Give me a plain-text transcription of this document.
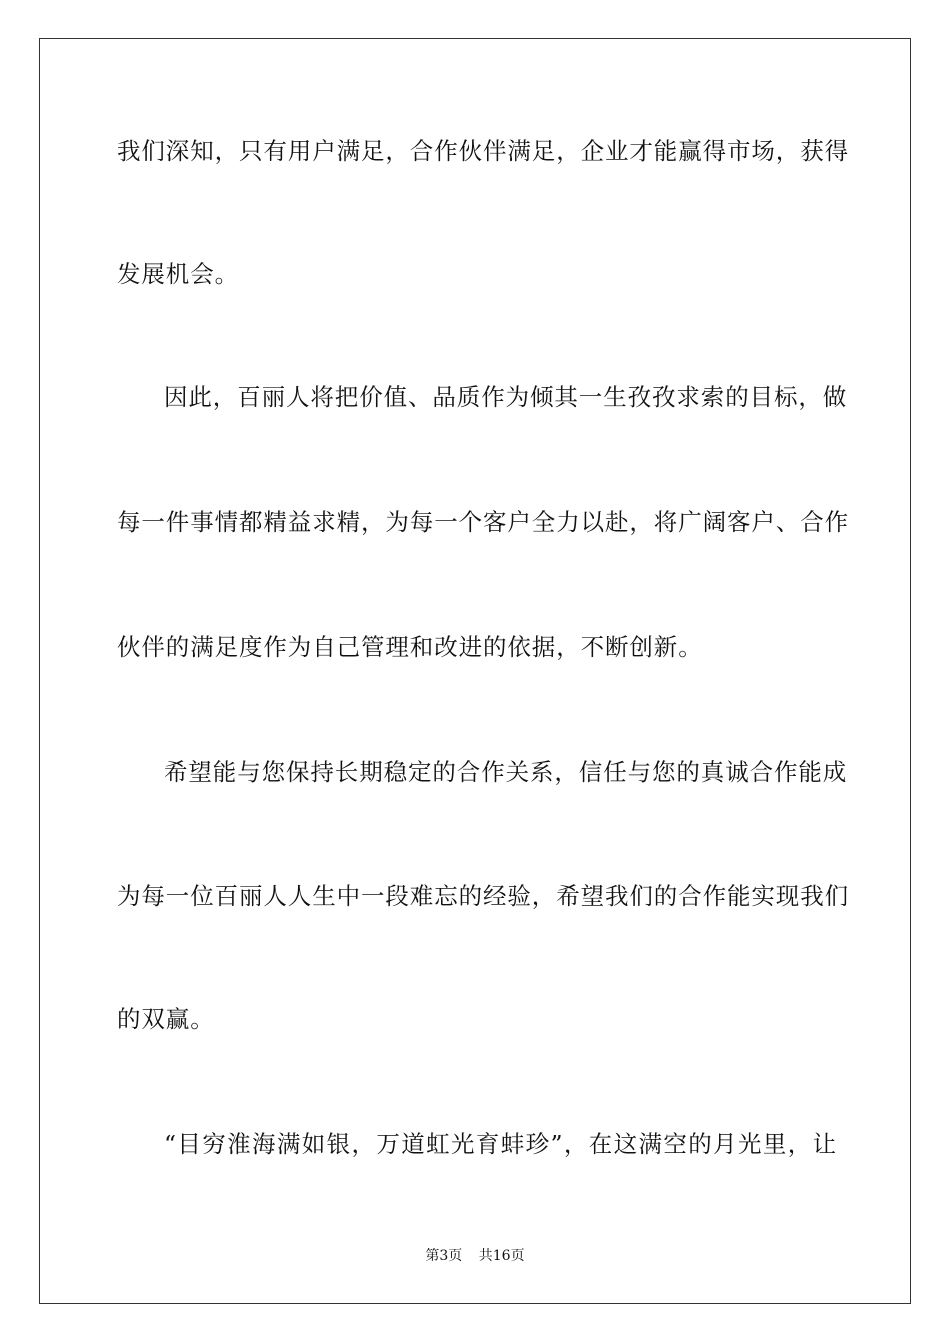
我们深知，只有用户满足，合作伙伴满足，企业才能赢得市场，获得
发展机会。
因此，百丽人将把价值、品质作为倾其一生孜孜求索的目标，做
每一件事情都精益求精，为每一个客户全力以赴，将广阔客户、合作
伙伴的满足度作为自己管理和改进的依据，不断创新。
希望能与您保持长期稳定的合作关系，信任与您的真诚合作能成
为每一位百丽人人生中一段难忘的经验，希望我们的合作能实现我们
的双赢。
“目穷淮海满如银，万道虹光育蚌珍”，在这满空的月光里，让
第3页 共16页
